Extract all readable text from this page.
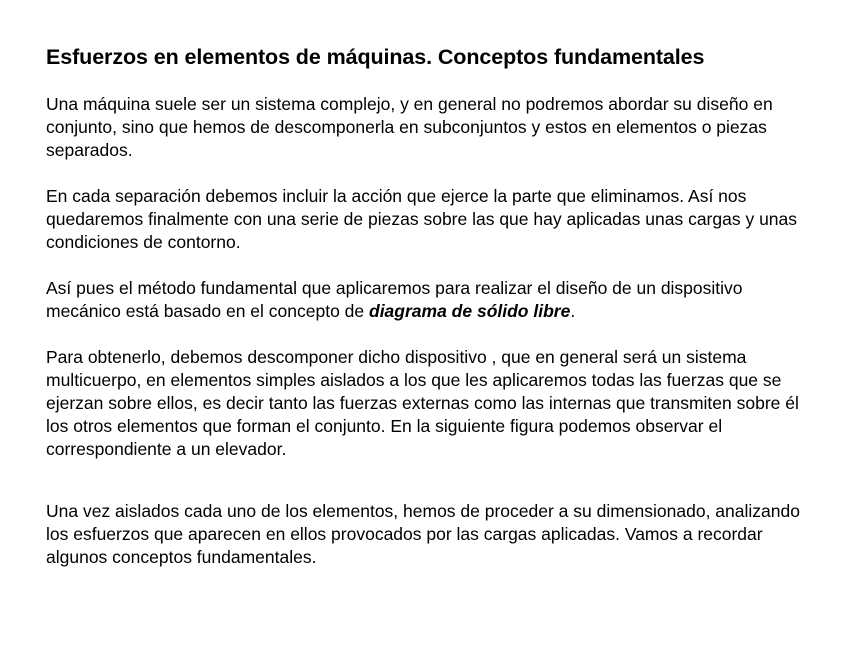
Esfuerzos en elementos de máquinas. Conceptos fundamentales

Una máquina suele ser un sistema complejo, y en general no podremos abordar su diseño en conjunto, sino que hemos de descomponerla en subconjuntos y estos en elementos o piezas separados.

En cada separación debemos incluir la acción que ejerce la parte que eliminamos. Así nos quedaremos finalmente con una serie de piezas sobre las que hay aplicadas unas cargas y unas condiciones de contorno.

Así pues el método fundamental que aplicaremos para realizar el diseño de un dispositivo mecánico está basado en el concepto de diagrama de sólido libre.

Para obtenerlo, debemos descomponer dicho dispositivo , que en general será un sistema multicuerpo, en elementos simples aislados a los que les aplicaremos todas las fuerzas que se ejerzan sobre ellos, es decir tanto las fuerzas externas como las internas que transmiten sobre él los otros elementos que forman el conjunto. En la siguiente figura podemos observar el correspondiente a un elevador.

Una vez aislados cada uno de los elementos, hemos de proceder a su dimensionado, analizando los esfuerzos que aparecen en ellos provocados por las cargas aplicadas. Vamos a recordar algunos conceptos fundamentales.
